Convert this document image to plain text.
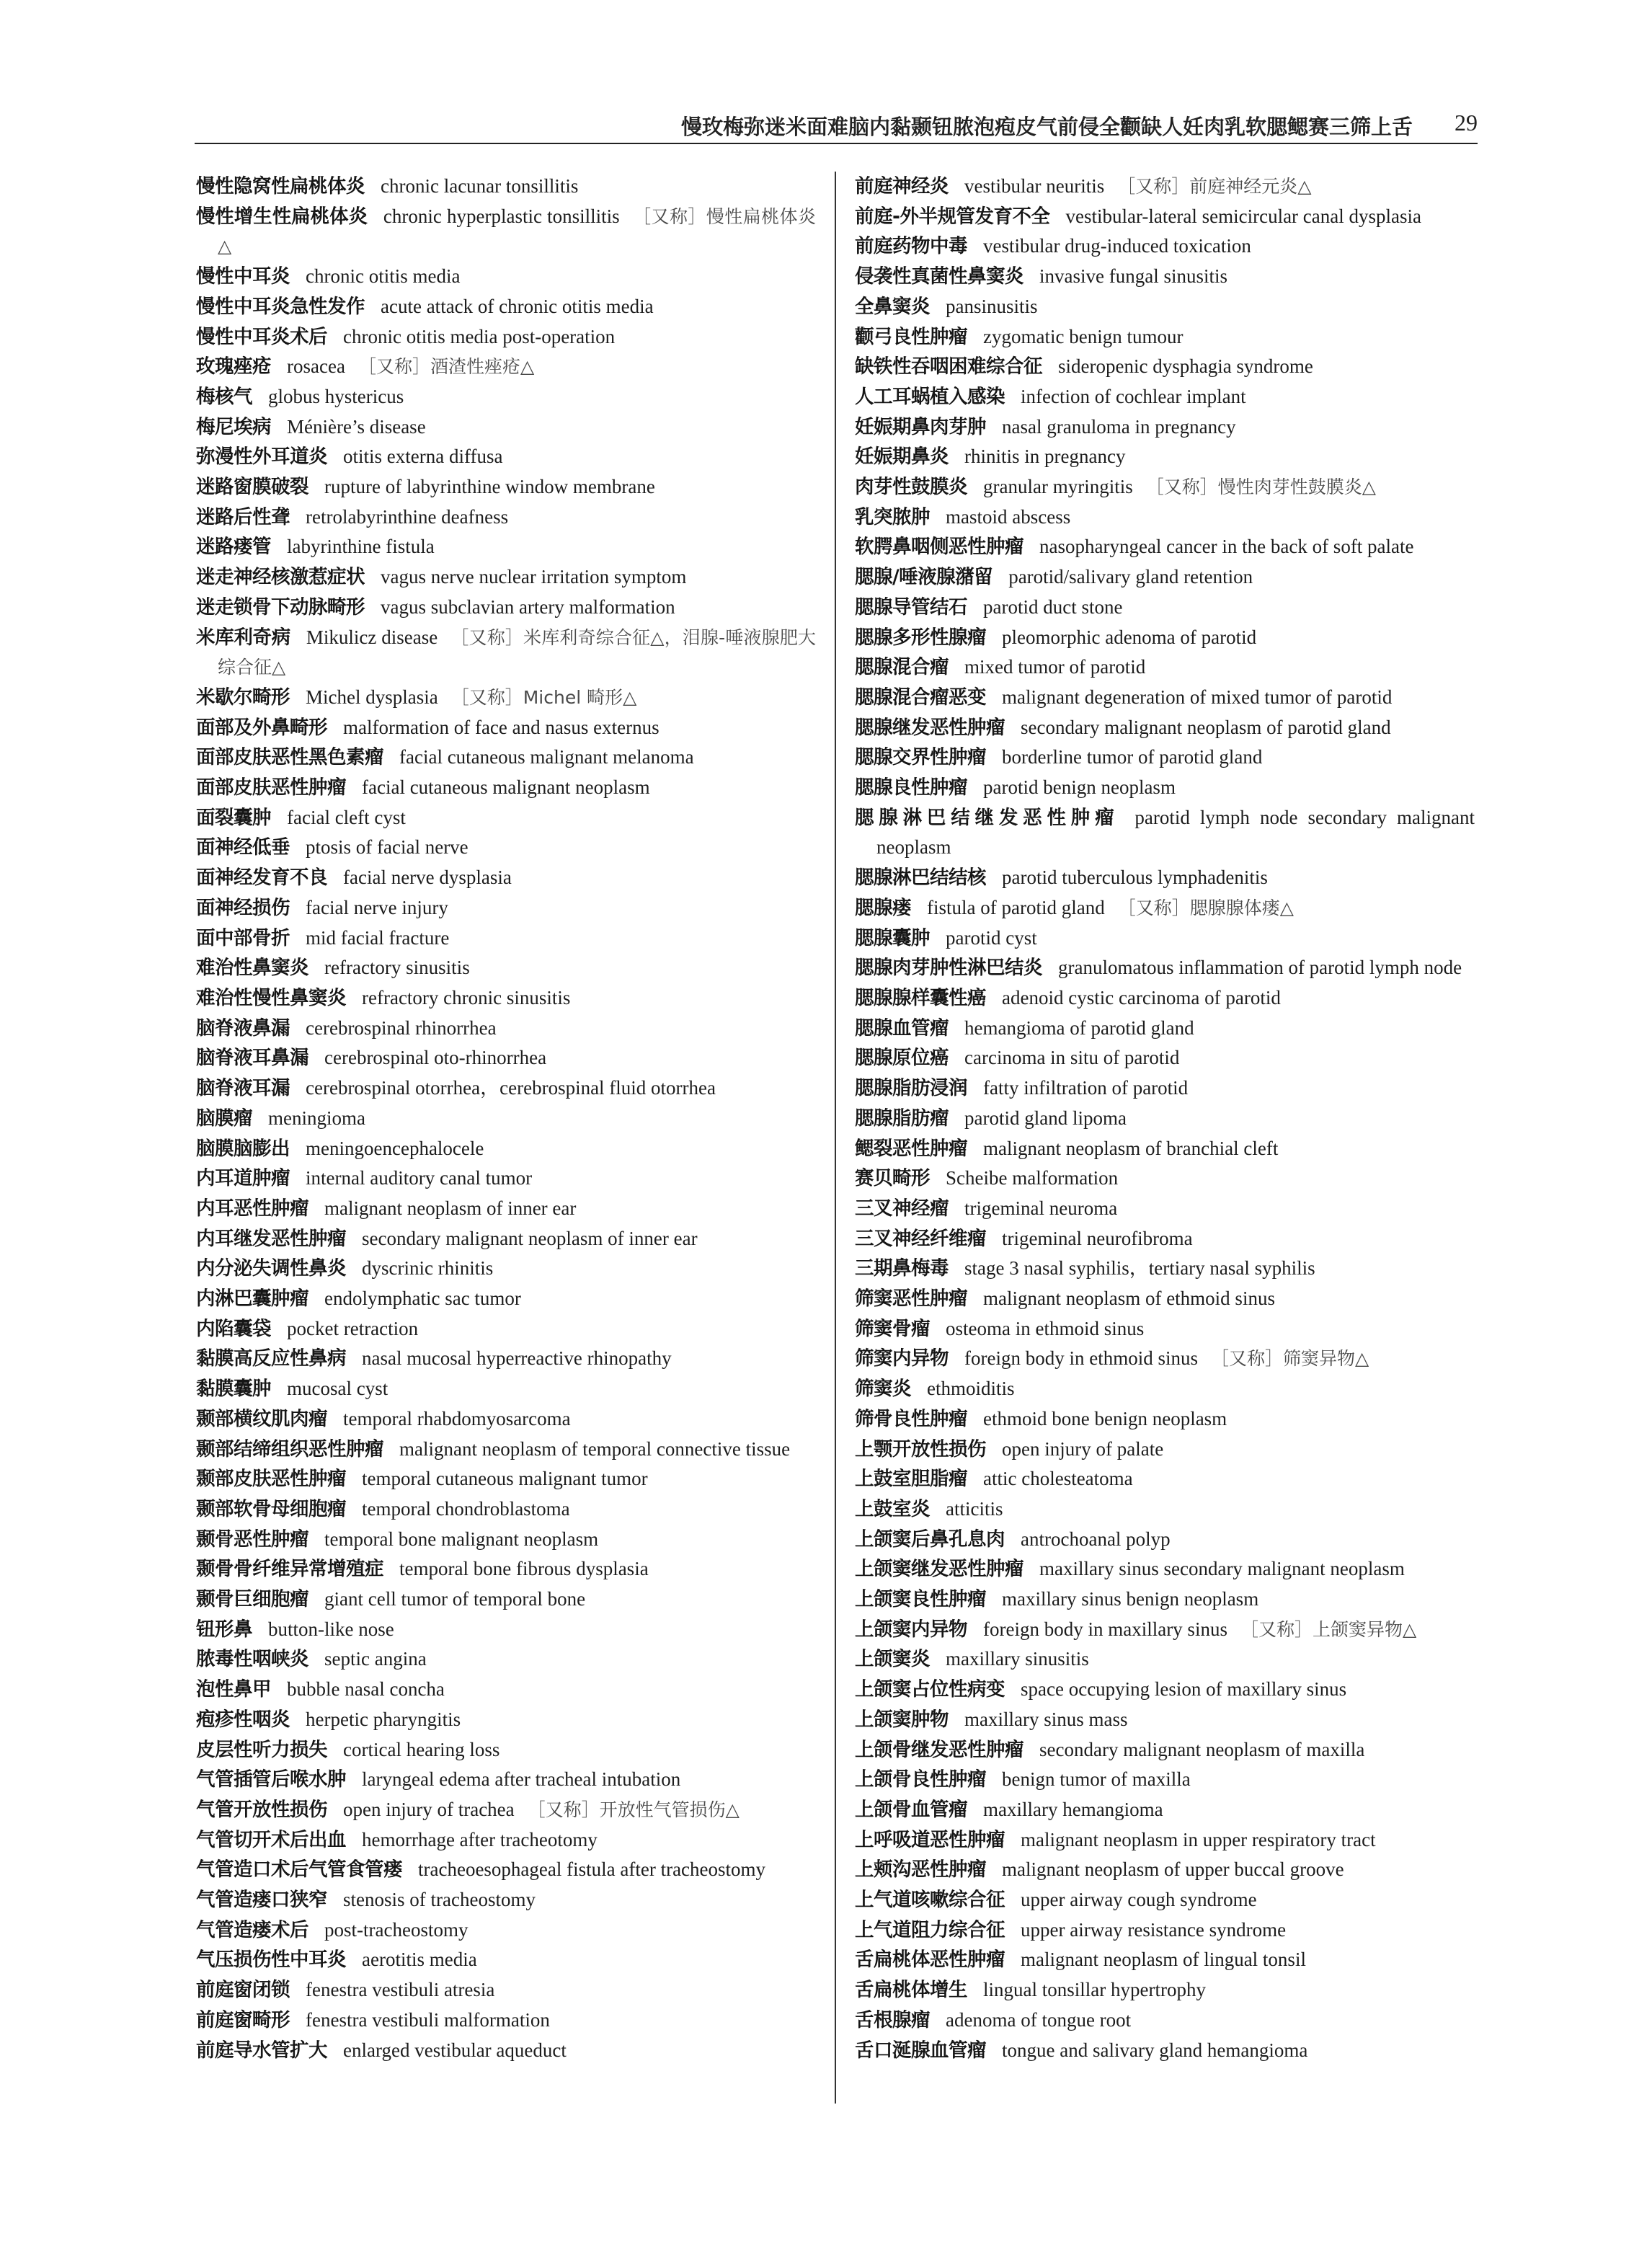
慢玫梅弥迷米面难脑内黏颞钮脓泡疱皮气前侵全颧缺人妊肉乳软腮鳃赛三筛上舌 29
慢性隐窝性扁桃体炎 chronic lacunar tonsillitis
慢性增生性扁桃体炎 chronic hyperplastic tonsillitis ［又称］慢性扁桃体炎△
慢性中耳炎 chronic otitis media
慢性中耳炎急性发作 acute attack of chronic otitis media
慢性中耳炎术后 chronic otitis media post-operation
玫瑰痤疮 rosacea ［又称］酒渣性痤疮△
梅核气 globus hystericus
梅尼埃病 Ménière’s disease
弥漫性外耳道炎 otitis externa diffusa
迷路窗膜破裂 rupture of labyrinthine window membrane
迷路后性聋 retrolabyrinthine deafness
迷路瘘管 labyrinthine fistula
迷走神经核激惹症状 vagus nerve nuclear irritation symptom
迷走锁骨下动脉畸形 vagus subclavian artery malformation
米库利奇病 Mikulicz disease ［又称］米库利奇综合征△，泪腺-唾液腺肥大综合征△
米歇尔畸形 Michel dysplasia ［又称］Michel 畸形△
面部及外鼻畸形 malformation of face and nasus externus
面部皮肤恶性黑色素瘤 facial cutaneous malignant melanoma
面部皮肤恶性肿瘤 facial cutaneous malignant neoplasm
面裂囊肿 facial cleft cyst
面神经低垂 ptosis of facial nerve
面神经发育不良 facial nerve dysplasia
面神经损伤 facial nerve injury
面中部骨折 mid facial fracture
难治性鼻窦炎 refractory sinusitis
难治性慢性鼻窦炎 refractory chronic sinusitis
脑脊液鼻漏 cerebrospinal rhinorrhea
脑脊液耳鼻漏 cerebrospinal oto-rhinorrhea
脑脊液耳漏 cerebrospinal otorrhea，cerebrospinal fluid otorrhea
脑膜瘤 meningioma
脑膜脑膨出 meningoencephalocele
内耳道肿瘤 internal auditory canal tumor
内耳恶性肿瘤 malignant neoplasm of inner ear
内耳继发恶性肿瘤 secondary malignant neoplasm of inner ear
内分泌失调性鼻炎 dyscrinic rhinitis
内淋巴囊肿瘤 endolymphatic sac tumor
内陷囊袋 pocket retraction
黏膜高反应性鼻病 nasal mucosal hyperreactive rhinopathy
黏膜囊肿 mucosal cyst
颞部横纹肌肉瘤 temporal rhabdomyosarcoma
颞部结缔组织恶性肿瘤 malignant neoplasm of temporal connective tissue
颞部皮肤恶性肿瘤 temporal cutaneous malignant tumor
颞部软骨母细胞瘤 temporal chondroblastoma
颞骨恶性肿瘤 temporal bone malignant neoplasm
颞骨骨纤维异常增殖症 temporal bone fibrous dysplasia
颞骨巨细胞瘤 giant cell tumor of temporal bone
钮形鼻 button-like nose
脓毒性咽峡炎 septic angina
泡性鼻甲 bubble nasal concha
疱疹性咽炎 herpetic pharyngitis
皮层性听力损失 cortical hearing loss
气管插管后喉水肿 laryngeal edema after tracheal intubation
气管开放性损伤 open injury of trachea ［又称］开放性气管损伤△
气管切开术后出血 hemorrhage after tracheotomy
气管造口术后气管食管瘘 tracheoesophageal fistula after tracheostomy
气管造瘘口狭窄 stenosis of tracheostomy
气管造瘘术后 post-tracheostomy
气压损伤性中耳炎 aerotitis media
前庭窗闭锁 fenestra vestibuli atresia
前庭窗畸形 fenestra vestibuli malformation
前庭导水管扩大 enlarged vestibular aqueduct
前庭神经炎 vestibular neuritis ［又称］前庭神经元炎△
前庭-外半规管发育不全 vestibular-lateral semicircular canal dysplasia
前庭药物中毒 vestibular drug-induced toxication
侵袭性真菌性鼻窦炎 invasive fungal sinusitis
全鼻窦炎 pansinusitis
颧弓良性肿瘤 zygomatic benign tumour
缺铁性吞咽困难综合征 sideropenic dysphagia syndrome
人工耳蜗植入感染 infection of cochlear implant
妊娠期鼻肉芽肿 nasal granuloma in pregnancy
妊娠期鼻炎 rhinitis in pregnancy
肉芽性鼓膜炎 granular myringitis ［又称］慢性肉芽性鼓膜炎△
乳突脓肿 mastoid abscess
软腭鼻咽侧恶性肿瘤 nasopharyngeal cancer in the back of soft palate
腮腺/唾液腺潴留 parotid/salivary gland retention
腮腺导管结石 parotid duct stone
腮腺多形性腺瘤 pleomorphic adenoma of parotid
腮腺混合瘤 mixed tumor of parotid
腮腺混合瘤恶变 malignant degeneration of mixed tumor of parotid
腮腺继发恶性肿瘤 secondary malignant neoplasm of parotid gland
腮腺交界性肿瘤 borderline tumor of parotid gland
腮腺良性肿瘤 parotid benign neoplasm
腮腺淋巴结继发恶性肿瘤 parotid lymph node secondary malignant neoplasm
腮腺淋巴结结核 parotid tuberculous lymphadenitis
腮腺瘘 fistula of parotid gland ［又称］腮腺腺体瘘△
腮腺囊肿 parotid cyst
腮腺肉芽肿性淋巴结炎 granulomatous inflammation of parotid lymph node
腮腺腺样囊性癌 adenoid cystic carcinoma of parotid
腮腺血管瘤 hemangioma of parotid gland
腮腺原位癌 carcinoma in situ of parotid
腮腺脂肪浸润 fatty infiltration of parotid
腮腺脂肪瘤 parotid gland lipoma
鳃裂恶性肿瘤 malignant neoplasm of branchial cleft
赛贝畸形 Scheibe malformation
三叉神经瘤 trigeminal neuroma
三叉神经纤维瘤 trigeminal neurofibroma
三期鼻梅毒 stage 3 nasal syphilis，tertiary nasal syphilis
筛窦恶性肿瘤 malignant neoplasm of ethmoid sinus
筛窦骨瘤 osteoma in ethmoid sinus
筛窦内异物 foreign body in ethmoid sinus ［又称］筛窦异物△
筛窦炎 ethmoiditis
筛骨良性肿瘤 ethmoid bone benign neoplasm
上颚开放性损伤 open injury of palate
上鼓室胆脂瘤 attic cholesteatoma
上鼓室炎 atticitis
上颌窦后鼻孔息肉 antrochoanal polyp
上颌窦继发恶性肿瘤 maxillary sinus secondary malignant neoplasm
上颌窦良性肿瘤 maxillary sinus benign neoplasm
上颌窦内异物 foreign body in maxillary sinus ［又称］上颌窦异物△
上颌窦炎 maxillary sinusitis
上颌窦占位性病变 space occupying lesion of maxillary sinus
上颌窦肿物 maxillary sinus mass
上颌骨继发恶性肿瘤 secondary malignant neoplasm of maxilla
上颌骨良性肿瘤 benign tumor of maxilla
上颌骨血管瘤 maxillary hemangioma
上呼吸道恶性肿瘤 malignant neoplasm in upper respiratory tract
上颊沟恶性肿瘤 malignant neoplasm of upper buccal groove
上气道咳嗽综合征 upper airway cough syndrome
上气道阻力综合征 upper airway resistance syndrome
舌扁桃体恶性肿瘤 malignant neoplasm of lingual tonsil
舌扁桃体增生 lingual tonsillar hypertrophy
舌根腺瘤 adenoma of tongue root
舌口涎腺血管瘤 tongue and salivary gland hemangioma
